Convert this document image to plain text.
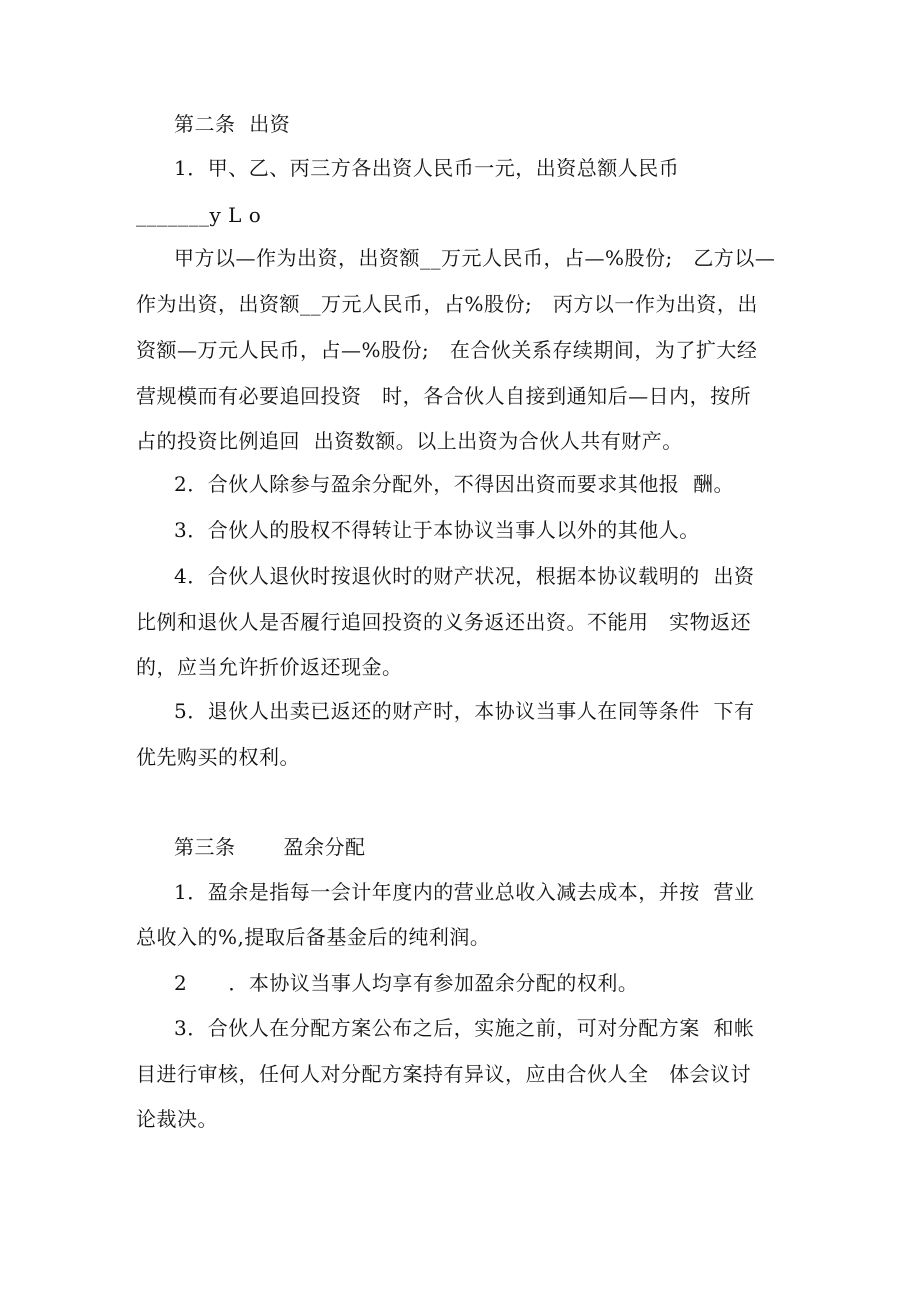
第二条  出资
1．甲、乙、丙三方各出资人民币一元，出资总额人民币
_______y L o
甲方以—作为出资，出资额__万元人民币，占—%股份;   乙方以—
作为出资，出资额__万元人民币，占%股份;   丙方以一作为出资，出
资额—万元人民币，占—%股份;   在合伙关系存续期间，为了扩大经
营规模而有必要追回投资   时，各合伙人自接到通知后—日内，按所
占的投资比例追回  出资数额。以上出资为合伙人共有财产。
2．合伙人除参与盈余分配外，不得因出资而要求其他报  酬。
3．合伙人的股权不得转让于本协议当事人以外的其他人。
4．合伙人退伙时按退伙时的财产状况，根据本协议载明的  出资
比例和退伙人是否履行追回投资的义务返还出资。不能用   实物返还
的，应当允许折价返还现金。
5．退伙人出卖已返还的财产时，本协议当事人在同等条件  下有
优先购买的权利。
第三条       盈余分配
1．盈余是指每一会计年度内的营业总收入减去成本，并按  营业
总收入的%,提取后备基金后的纯利润。
2      ．本协议当事人均享有参加盈余分配的权利。
3．合伙人在分配方案公布之后，实施之前，可对分配方案  和帐
目进行审核，任何人对分配方案持有异议，应由合伙人全   体会议讨
论裁决。
